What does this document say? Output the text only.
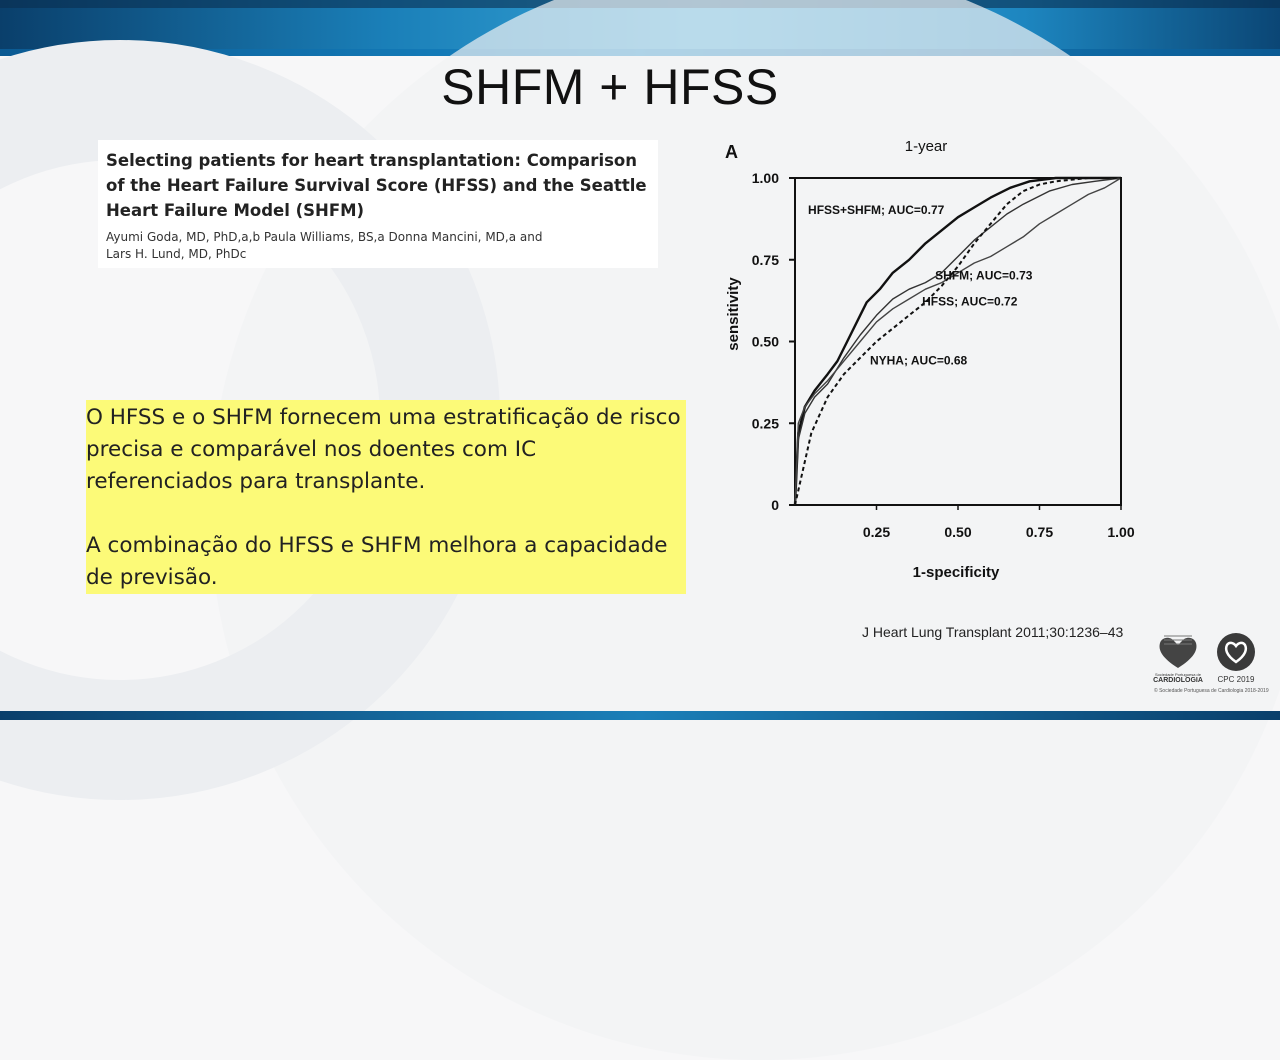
SHFM + HFSS
Selecting patients for heart transplantation: Comparison of the Heart Failure Survival Score (HFSS) and the Seattle Heart Failure Model (SHFM)
Ayumi Goda, MD, PhD,a,b Paula Williams, BS,a Donna Mancini, MD,a and
Lars H. Lund, MD, PhDc

O HFSS e o SHFM fornecem uma estratificação de risco precisa e comparável nos doentes com IC referenciados para transplante.

A combinação do HFSS e SHFM melhora a capacidade de previsão.

A	1-year
0
0.25
0.50
0.75
1.00
0.25	0.50	0.75	1.00
HFSS+SHFM; AUC=0.77
SHFM; AUC=0.73
HFSS; AUC=0.72
NYHA; AUC=0.68
1-specificity
sensitivity
J Heart Lung Transplant 2011;30:1236–43
Sociedade Portuguesa de
CARDIOLOGIA	CPC 2019
© Sociedade Portuguesa de Cardiologia 2018-2019
